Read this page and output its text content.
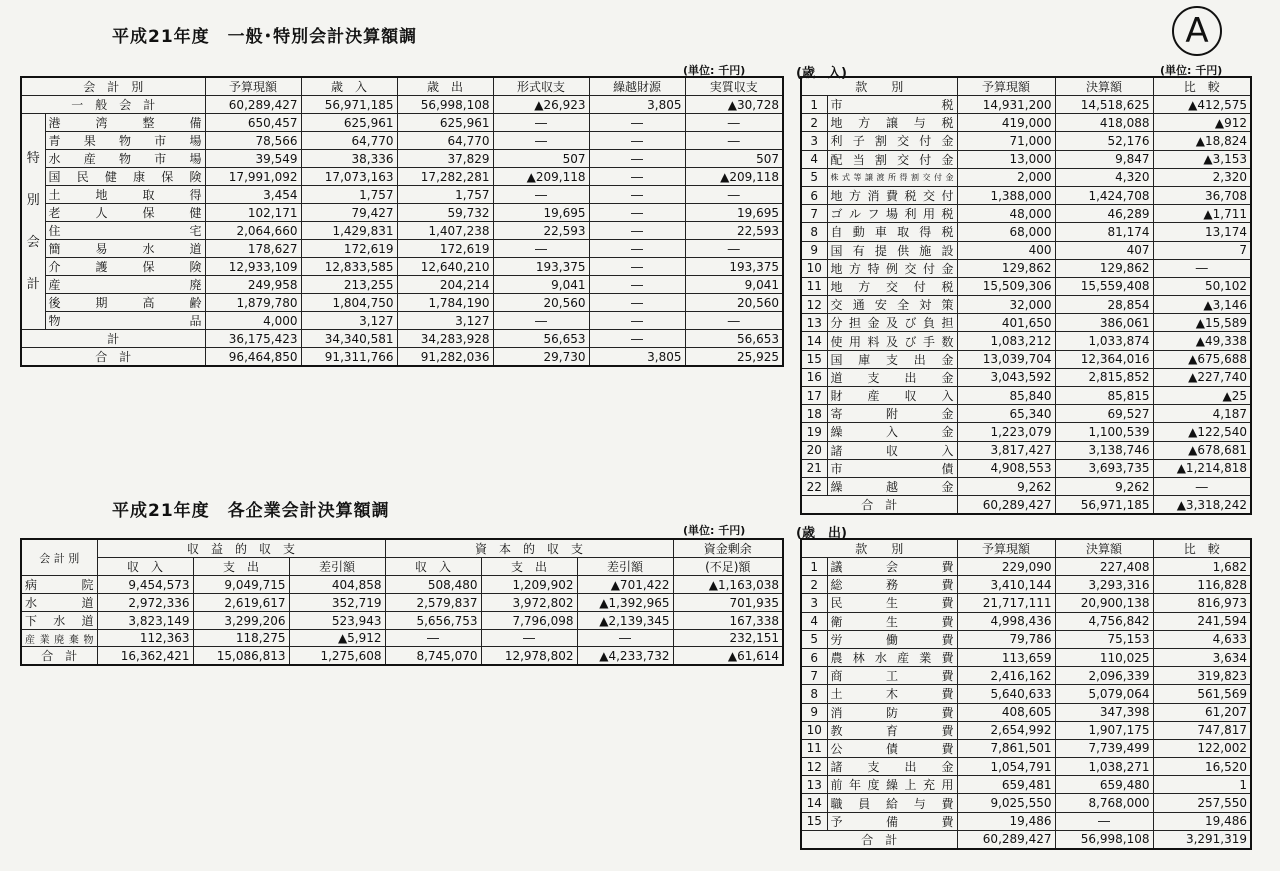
A
平成21年度　一般･特別会計決算額調
(単位: 千円)
平成21年度　各企業会計決算額調
(単位: 千円)
(歳　入)	(単位: 千円)
(歳　出)
会　計　別		予算現額	歳　入	歳　出	形式収支	繰越財源	実質収支
一　般　会　計		60,289,427	56,971,185	56,998,108	▲26,923	3,805	▲30,728

特
別
会
計	港湾整備	650,457	625,961	625,961	―	―	―
	青果物市場	78,566	64,770	64,770	―	―	―
	水産物市場	39,549	38,336	37,829	507	―	507
	国民健康保険	17,991,092	17,073,163	17,282,281	▲209,118	―	▲209,118
	土地取得	3,454	1,757	1,757	―	―	―
	老人保健	102,171	79,427	59,732	19,695	―	19,695
	住宅	2,064,660	1,429,831	1,407,238	22,593	―	22,593
	簡易水道	178,627	172,619	172,619	―	―	―
	介護保険	12,933,109	12,833,585	12,640,210	193,375	―	193,375
	産廃	249,958	213,255	204,214	9,041	―	9,041
	後期高齢	1,879,780	1,804,750	1,784,190	20,560	―	20,560
	物品	4,000	3,127	3,127	―	―	―
計		36,175,423	34,340,581	34,283,928	56,653	―	56,653
合　計		96,464,850	91,311,766	91,282,036	29,730	3,805	25,925
会 計 別	収　益　的　収　支			資　本　的　収　支			資金剰余
	収　入	支　出	差引額	収　入	支　出	差引額	(不足)額
病院	9,454,573	9,049,715	404,858	508,480	1,209,902	▲701,422	▲1,163,038
水道	2,972,336	2,619,617	352,719	2,579,837	3,972,802	▲1,392,965	701,935
下水道	3,823,149	3,299,206	523,943	5,656,753	7,796,098	▲2,139,345	167,338
産業廃棄物	112,363	118,275	▲5,912	―	―	―	232,151
合　計	16,362,421	15,086,813	1,275,608	8,745,070	12,978,802	▲4,233,732	▲61,614
款　　別		予算現額	決算額	比　較
1	市税	14,931,200	14,518,625	▲412,575
2	地方譲与税	419,000	418,088	▲912
3	利子割交付金	71,000	52,176	▲18,824
4	配当割交付金	13,000	9,847	▲3,153
5	株式等譲渡所得割交付金	2,000	4,320	2,320
6	地方消費税交付	1,388,000	1,424,708	36,708
7	ゴルフ場利用税	48,000	46,289	▲1,711
8	自動車取得税	68,000	81,174	13,174
9	国有提供施設	400	407	7
10	地方特例交付金	129,862	129,862	―
11	地方交付税	15,509,306	15,559,408	50,102
12	交通安全対策	32,000	28,854	▲3,146
13	分担金及び負担	401,650	386,061	▲15,589
14	使用料及び手数	1,083,212	1,033,874	▲49,338
15	国庫支出金	13,039,704	12,364,016	▲675,688
16	道支出金	3,043,592	2,815,852	▲227,740
17	財産収入	85,840	85,815	▲25
18	寄附金	65,340	69,527	4,187
19	繰入金	1,223,079	1,100,539	▲122,540
20	諸収入	3,817,427	3,138,746	▲678,681
21	市債	4,908,553	3,693,735	▲1,214,818
22	繰越金	9,262	9,262	―
合　計		60,289,427	56,971,185	▲3,318,242
款　　別		予算現額	決算額	比　較
1	議会費	229,090	227,408	1,682
2	総務費	3,410,144	3,293,316	116,828
3	民生費	21,717,111	20,900,138	816,973
4	衛生費	4,998,436	4,756,842	241,594
5	労働費	79,786	75,153	4,633
6	農林水産業費	113,659	110,025	3,634
7	商工費	2,416,162	2,096,339	319,823
8	土木費	5,640,633	5,079,064	561,569
9	消防費	408,605	347,398	61,207
10	教育費	2,654,992	1,907,175	747,817
11	公債費	7,861,501	7,739,499	122,002
12	諸支出金	1,054,791	1,038,271	16,520
13	前年度繰上充用	659,481	659,480	1
14	職員給与費	9,025,550	8,768,000	257,550
15	予備費	19,486	―	19,486
合　計		60,289,427	56,998,108	3,291,319
